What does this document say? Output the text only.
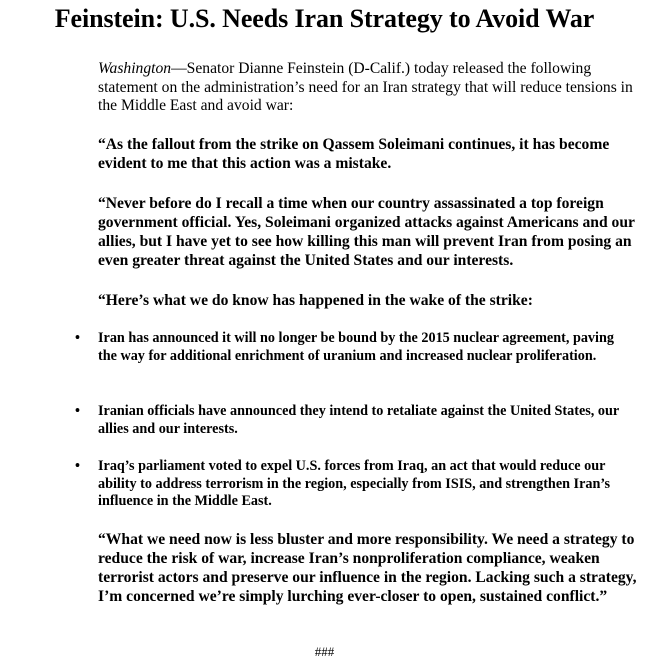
Feinstein: U.S. Needs Iran Strategy to Avoid War
Washington—Senator Dianne Feinstein (D-Calif.) today released the following statement on the administration’s need for an Iran strategy that will reduce tensions in the Middle East and avoid war:
“As the fallout from the strike on Qassem Soleimani continues, it has become evident to me that this action was a mistake.
“Never before do I recall a time when our country assassinated a top foreign government official. Yes, Soleimani organized attacks against Americans and our allies, but I have yet to see how killing this man will prevent Iran from posing an even greater threat against the United States and our interests.
“Here’s what we do know has happened in the wake of the strike:
•	Iran has announced it will no longer be bound by the 2015 nuclear agreement, paving the way for additional enrichment of uranium and increased nuclear proliferation.
•	Iranian officials have announced they intend to retaliate against the United States, our allies and our interests.
•	Iraq’s parliament voted to expel U.S. forces from Iraq, an act that would reduce our ability to address terrorism in the region, especially from ISIS, and strengthen Iran’s influence in the Middle East.
“What we need now is less bluster and more responsibility. We need a strategy to reduce the risk of war, increase Iran’s nonproliferation compliance, weaken terrorist actors and preserve our influence in the region. Lacking such a strategy, I’m concerned we’re simply lurching ever-closer to open, sustained conflict.”
###
